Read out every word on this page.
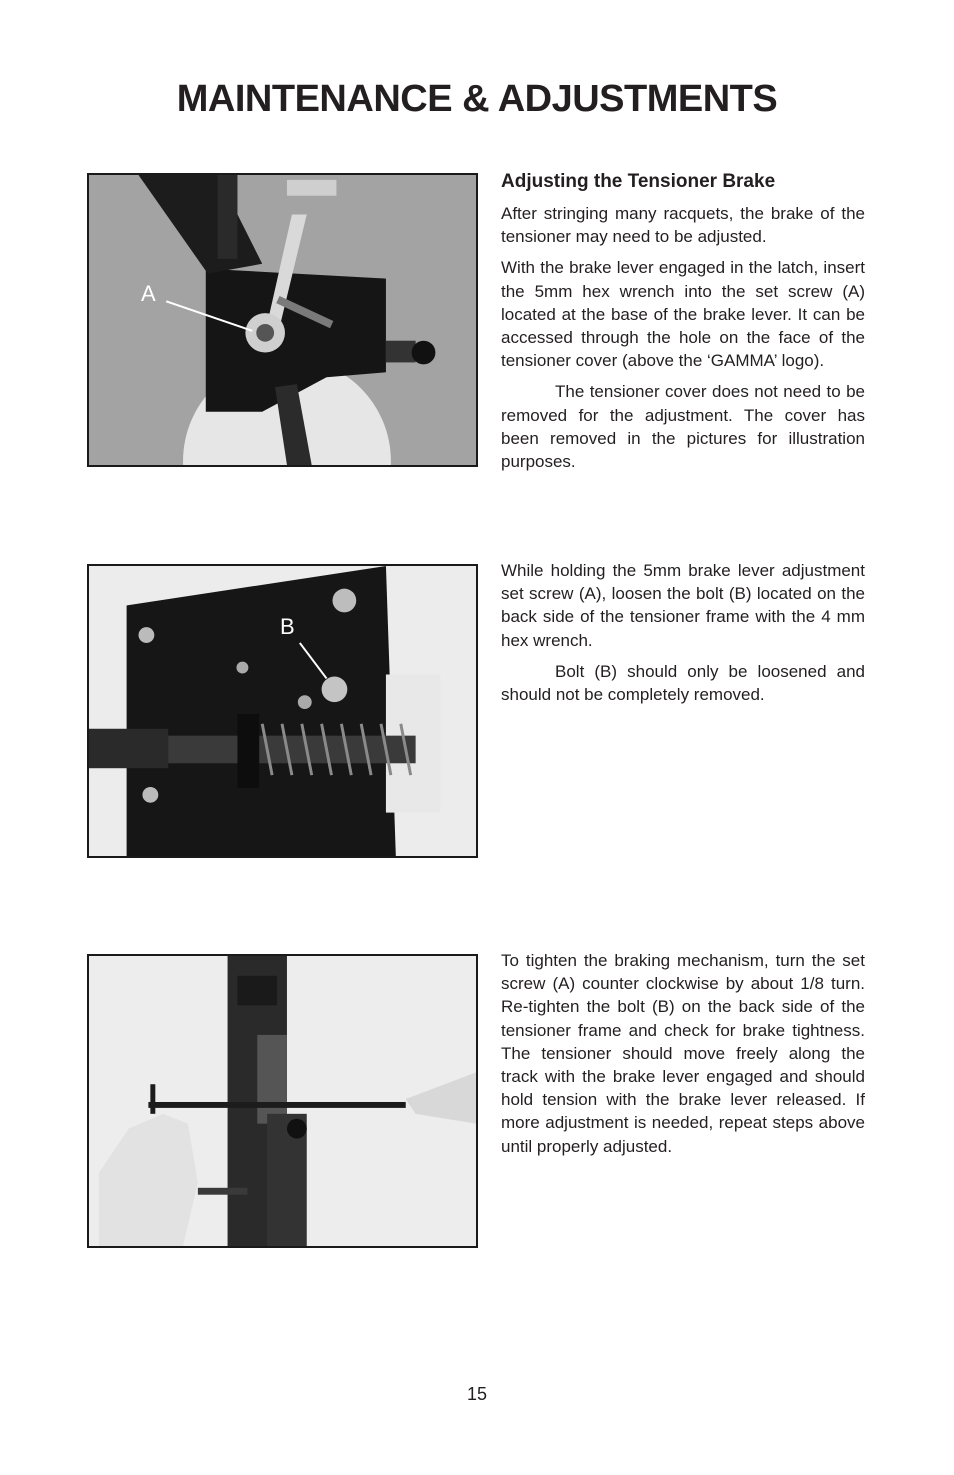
MAINTENANCE & ADJUSTMENTS
A
B
Adjusting the Tensioner Brake

After stringing many racquets, the brake of the tensioner may need to be adjusted.

With the brake lever engaged in the latch, insert the 5mm hex wrench into the set screw (A) located at the base of the brake lever. It can be accessed through the hole on the face of the tensioner cover (above the ‘GAMMA’ logo).

The tensioner cover does not need to be removed for the adjustment. The cover has been removed in the pictures for illustration purposes.

While holding the 5mm brake lever adjustment set screw (A), loosen the bolt (B) located on the back side of the tensioner frame with the 4 mm hex wrench.

Bolt (B) should only be loosened and should not be completely removed.

To tighten the braking mechanism, turn the set screw (A) counter clockwise by about 1/8 turn. Re-tighten the bolt (B) on the back side of the tensioner frame and check for brake tightness. The tensioner should move freely along the track with the brake lever engaged and should hold tension with the brake lever released. If more adjustment is needed, repeat steps above until properly adjusted.

15
